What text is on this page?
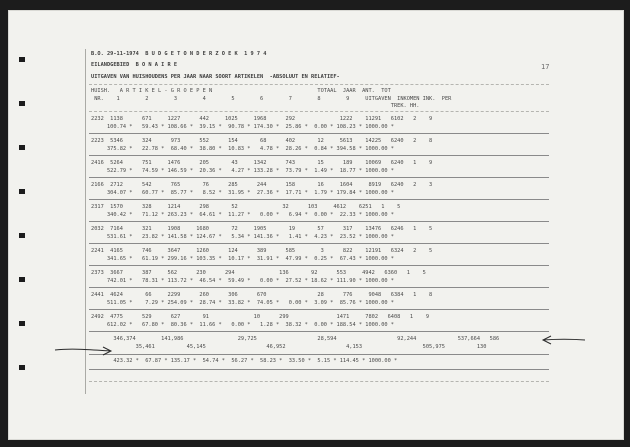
17
B.O. 29-11-1974  B U D G E T O N D E R Z O E K  1 9 7 4
EILANDGEBIED  B O N A I R E
UITGAVEN VAN HUISHOUDENS PER JAAR NAAR SOORT ARTIKELEN  -ABSOLUUT EN RELATIEF-
HUISH.   A R T I K E L - G R O E P E N                                 TOTAAL  JAAR  ANT.  TOT
NR.    1        2        3        4        5        6        7        8        9     UITGAVEN  INKOMEN INK.  PER
TREK. HH.
2232  1138      671     1227      442     1025     1968      292              1222    11291   6102   2    9
100.74 *   59.43 * 108.66 *  39.15 *  90.78 * 174.30 *  25.86 *  0.00 * 108.23 * 1000.00 *
2223  5346      324      973      552      154       68      402       12     5613    14225   6240   2    8
375.82 *   22.78 *  68.40 *  38.80 *  10.83 *   4.78 *  28.26 *  0.84 * 394.58 * 1000.00 *
2416  5264      751     1476      205       43     1342      743       15      189    10069   6240   1    9
522.79 *   74.59 * 146.59 *  20.36 *   4.27 * 133.28 *  73.79 *  1.49 *  18.77 * 1000.00 *
2166  2712      542      765       76      285      244      158       16     1604     8919   6240   2    3
304.07 *   60.77 *  85.77 *   8.52 *  31.95 *  27.36 *  17.71 *  1.79 * 179.84 * 1000.00 *
2317  1570      328     1214      298       52              32      103     4612    6251   1    5
340.42 *   71.12 * 263.23 *  64.61 *  11.27 *   0.00 *   6.94 *  0.00 *  22.33 * 1000.00 *
2032  7164      321     1908     1680       72     1905       19       57      317    13476   6246   1    5
531.61 *   23.82 * 141.58 * 124.67 *   5.34 * 141.36 *   1.41 *  4.23 *  23.52 * 1000.00 *
2241  4165      746     3647     1260      124      389      585        3      822    12191   6324   2    5
341.65 *   61.19 * 299.16 * 103.35 *  10.17 *  31.91 *  47.99 *  0.25 *  67.43 * 1000.00 *
2373  3667      387     562      230      294              136       92      553     4942   6360   1    5
742.01 *   78.31 * 113.72 *  46.54 *  59.49 *   0.00 *  27.52 * 18.62 * 111.90 * 1000.00 *
2441  4624       66     2299      260      306      670                28      776     9048   6384   1    8
511.05 *    7.29 * 254.09 *  28.74 *  33.82 *  74.05 *   0.00 *  3.09 *  85.76 * 1000.00 *
2492  4775      529      627       91              10      299               1471     7802   6408   1    9
612.02 *   67.80 *  80.36 *  11.66 *   0.00 *   1.28 *  38.32 *  0.00 * 188.54 * 1000.00 *
346,374        141,986                 29,725                   28,594                   92,244             537,664   586
35,461          45,145                   46,952                   4,153                   505,975          130
423.32 *  67.87 * 135.17 *  54.74 *  56.27 *  58.23 *  33.50 *  5.15 * 114.45 * 1000.00 *
